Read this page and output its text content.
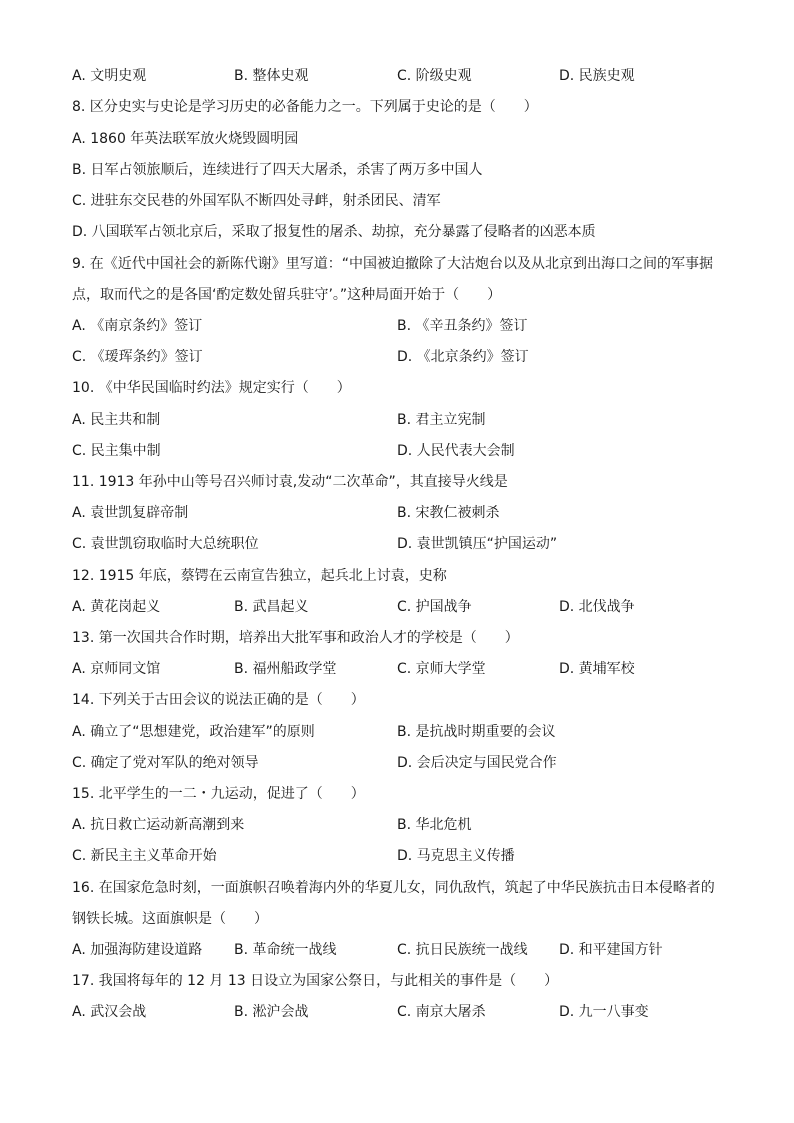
A. 文明史观	B. 整体史观	C. 阶级史观	D. 民族史观
8. 区分史实与史论是学习历史的必备能力之一。下列属于史论的是（　　）
A. 1860 年英法联军放火烧毁圆明园
B. 日军占领旅顺后，连续进行了四天大屠杀，杀害了两万多中国人
C. 进驻东交民巷的外国军队不断四处寻衅，射杀团民、清军
D. 八国联军占领北京后，采取了报复性的屠杀、劫掠，充分暴露了侵略者的凶恶本质
9. 在《近代中国社会的新陈代谢》里写道：“中国被迫撤除了大沽炮台以及从北京到出海口之间的军事据
点，取而代之的是各国‘酌定数处留兵驻守’。”这种局面开始于（　　）
A. 《南京条约》签订	B. 《辛丑条约》签订
C. 《瑷珲条约》签订	D. 《北京条约》签订
10. 《中华民国临时约法》规定实行（　　）
A. 民主共和制	B. 君主立宪制
C. 民主集中制	D. 人民代表大会制
11. 1913 年孙中山等号召兴师讨袁,发动“二次革命”，其直接导火线是
A. 袁世凯复辟帝制	B. 宋教仁被刺杀
C. 袁世凯窃取临时大总统职位	D. 袁世凯镇压“护国运动”
12. 1915 年底，蔡锷在云南宣告独立，起兵北上讨袁，史称
A. 黄花岗起义	B. 武昌起义	C. 护国战争	D. 北伐战争
13. 第一次国共合作时期，培养出大批军事和政治人才的学校是（　　）
A. 京师同文馆	B. 福州船政学堂	C. 京师大学堂	D. 黄埔军校
14. 下列关于古田会议的说法正确的是（　　）
A. 确立了“思想建党，政治建军”的原则	B. 是抗战时期重要的会议
C. 确定了党对军队的绝对领导	D. 会后决定与国民党合作
15. 北平学生的一二・九运动，促进了（　　）
A. 抗日救亡运动新高潮到来	B. 华北危机
C. 新民主主义革命开始	D. 马克思主义传播
16. 在国家危急时刻，一面旗帜召唤着海内外的华夏儿女，同仇敌忾，筑起了中华民族抗击日本侵略者的
钢铁长城。这面旗帜是（　　）
A. 加强海防建设道路 B. 革命统一战线	C. 抗日民族统一战线 D. 和平建国方针
17. 我国将每年的 12 月 13 日设立为国家公祭日，与此相关的事件是（　　）
A. 武汉会战	B. 淞沪会战	C. 南京大屠杀	D. 九一八事变
